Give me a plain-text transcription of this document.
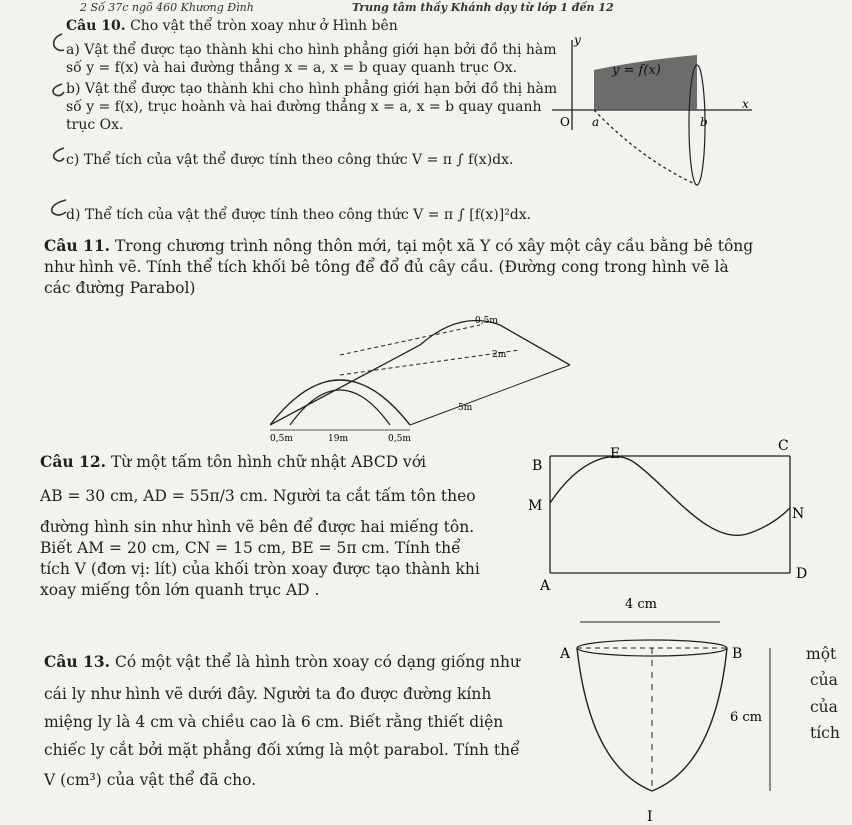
2 Số 37c ngõ 460 Khương Đình	Trung tâm thầy Khánh dạy từ lớp 1 đến 12
Câu 10. Cho vật thể tròn xoay như ở Hình bên
a) Vật thể được tạo thành khi cho hình phẳng giới hạn bởi đồ thị hàm
số y = f(x) và hai đường thẳng x = a, x = b quay quanh trục Ox.
b) Vật thể được tạo thành khi cho hình phẳng giới hạn bởi đồ thị hàm
số y = f(x), trục hoành và hai đường thẳng x = a, x = b quay quanh
trục Ox.
c) Thể tích của vật thể được tính theo công thức V = π ∫ f(x)dx.
d) Thể tích của vật thể được tính theo công thức V = π ∫ [f(x)]²dx.
y
x
y = f(x)
O a	b
Câu 11. Trong chương trình nông thôn mới, tại một xã Y có xây một cây cầu bằng bê tông
như hình vẽ. Tính thể tích khối bê tông để đổ đủ cây cầu. (Đường cong trong hình vẽ là
các đường Parabol)
0,5m
2m
5m
0,5m	19m	0,5m
Câu 12. Từ một tấm tôn hình chữ nhật ABCD với
AB = 30 cm, AD = 55π/3 cm. Người ta cắt tấm tôn theo
đường hình sin như hình vẽ bên để được hai miếng tôn.
Biết AM = 20 cm, CN = 15 cm, BE = 5π cm. Tính thể
tích V (đơn vị: lít) của khối tròn xoay được tạo thành khi
xoay miếng tôn lớn quanh trục AD .
B
E	C
M	N
A
D
Câu 13. Có một vật thể là hình tròn xoay có dạng giống như
cái ly như hình vẽ dưới đây. Người ta đo được đường kính
miệng ly là 4 cm và chiều cao là 6 cm. Biết rằng thiết diện
chiếc ly cắt bởi mặt phẳng đối xứng là một parabol. Tính thể
V (cm³) của vật thể đã cho.
một
của
của
tích
4 cm
A	B
6 cm
I
